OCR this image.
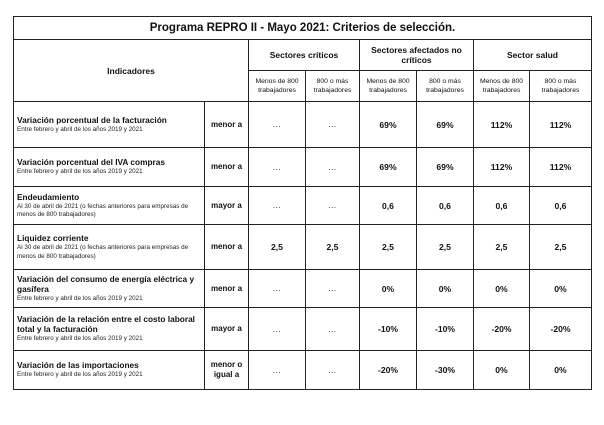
Programa REPRO II - Mayo 2021: Criterios de selección.							
Indicadores		Sectores críticos		Sectores afectados no críticos		Sector salud	
		Menos de 800 trabajadores	800 o más trabajadores	Menos de 800 trabajadores	800 o más trabajadores	Menos de 800 trabajadores	800 o más trabajadores

Variación porcentual de la facturación
Entre febrero y abril de los años 2019 y 2021	menor a	...	...	69%	69%	112%	112%

Variación porcentual del IVA compras
Entre febrero y abril de los años 2019 y 2021	menor a	...	...	69%	69%	112%	112%

Endeudamiento
Al 30 de abril de 2021 (o fechas anteriores para empresas de menos de 800 trabajadores)	mayor a	...	...	0,6	0,6	0,6	0,6

Liquidez corriente
Al 30 de abril de 2021 (o fechas anteriores para empresas de menos de 800 trabajadores)	menor a	2,5	2,5	2,5	2,5	2,5	2,5

Variación del consumo de energía eléctrica y gasífera
Entre febrero y abril de los años 2019 y 2021	menor a	...	...	0%	0%	0%	0%

Variación de la relación entre el costo laboral total y la facturación
Entre febrero y abril de los años 2019 y 2021	mayor a	...	...	-10%	-10%	-20%	-20%

Variación de las importaciones
Entre febrero y abril de los años 2019 y 2021	menor o igual a	...	...	-20%	-30%	0%	0%
